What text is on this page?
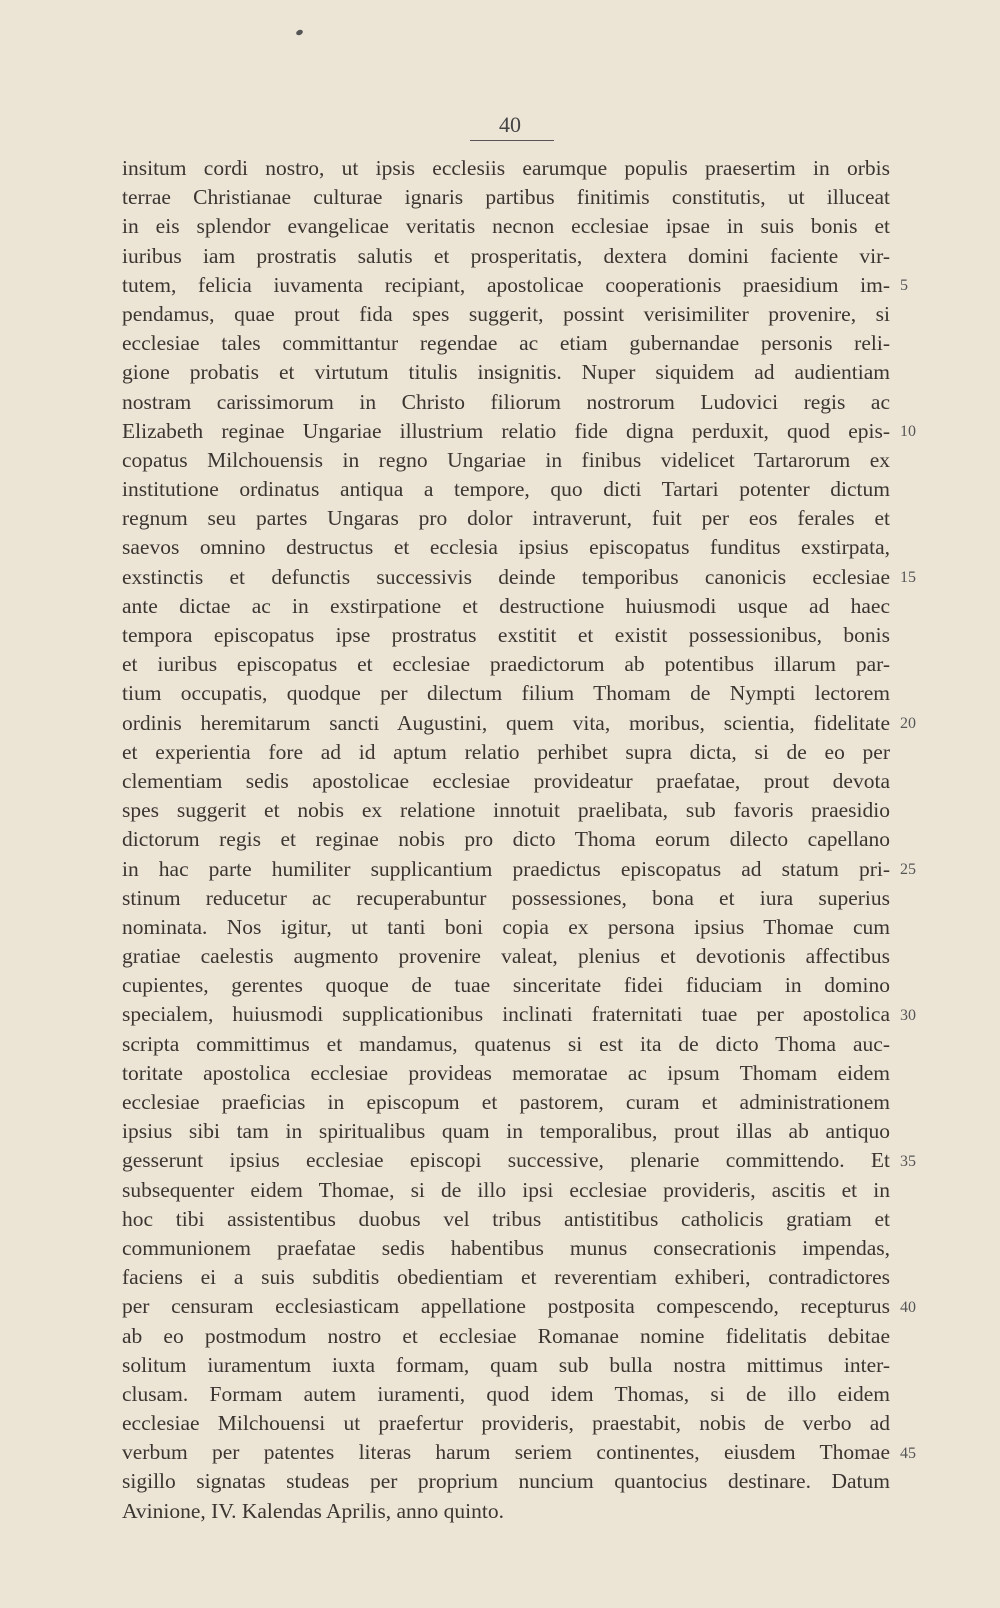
40
insitum cordi nostro, ut ipsis ecclesiis earumque populis praesertim in orbis
terrae Christianae culturae ignaris partibus finitimis constitutis, ut illuceat
in eis splendor evangelicae veritatis necnon ecclesiae ipsae in suis bonis et
iuribus iam prostratis salutis et prosperitatis, dextera domini faciente vir-
tutem, felicia iuvamenta recipiant, apostolicae cooperationis praesidium im-
pendamus, quae prout fida spes suggerit, possint verisimiliter provenire, si
ecclesiae tales committantur regendae ac etiam gubernandae personis reli-
gione probatis et virtutum titulis insignitis. Nuper siquidem ad audientiam
nostram carissimorum in Christo filiorum nostrorum Ludovici regis ac
Elizabeth reginae Ungariae illustrium relatio fide digna perduxit, quod epis-
copatus Milchouensis in regno Ungariae in finibus videlicet Tartarorum ex
institutione ordinatus antiqua a tempore, quo dicti Tartari potenter dictum
regnum seu partes Ungaras pro dolor intraverunt, fuit per eos ferales et
saevos omnino destructus et ecclesia ipsius episcopatus funditus exstirpata,
exstinctis et defunctis successivis deinde temporibus canonicis ecclesiae
ante dictae ac in exstirpatione et destructione huiusmodi usque ad haec
tempora episcopatus ipse prostratus exstitit et existit possessionibus, bonis
et iuribus episcopatus et ecclesiae praedictorum ab potentibus illarum par-
tium occupatis, quodque per dilectum filium Thomam de Nympti lectorem
ordinis heremitarum sancti Augustini, quem vita, moribus, scientia, fidelitate
et experientia fore ad id aptum relatio perhibet supra dicta, si de eo per
clementiam sedis apostolicae ecclesiae provideatur praefatae, prout devota
spes suggerit et nobis ex relatione innotuit praelibata, sub favoris praesidio
dictorum regis et reginae nobis pro dicto Thoma eorum dilecto capellano
in hac parte humiliter supplicantium praedictus episcopatus ad statum pri-
stinum reducetur ac recuperabuntur possessiones, bona et iura superius
nominata. Nos igitur, ut tanti boni copia ex persona ipsius Thomae cum
gratiae caelestis augmento provenire valeat, plenius et devotionis affectibus
cupientes, gerentes quoque de tuae sinceritate fidei fiduciam in domino
specialem, huiusmodi supplicationibus inclinati fraternitati tuae per apostolica
scripta committimus et mandamus, quatenus si est ita de dicto Thoma auc-
toritate apostolica ecclesiae provideas memoratae ac ipsum Thomam eidem
ecclesiae praeficias in episcopum et pastorem, curam et administrationem
ipsius sibi tam in spiritualibus quam in temporalibus, prout illas ab antiquo
gesserunt ipsius ecclesiae episcopi successive, plenarie committendo. Et
subsequenter eidem Thomae, si de illo ipsi ecclesiae provideris, ascitis et in
hoc tibi assistentibus duobus vel tribus antistitibus catholicis gratiam et
communionem praefatae sedis habentibus munus consecrationis impendas,
faciens ei a suis subditis obedientiam et reverentiam exhiberi, contradictores
per censuram ecclesiasticam appellatione postposita compescendo, recepturus
ab eo postmodum nostro et ecclesiae Romanae nomine fidelitatis debitae
solitum iuramentum iuxta formam, quam sub bulla nostra mittimus inter-
clusam. Formam autem iuramenti, quod idem Thomas, si de illo eidem
ecclesiae Milchouensi ut praefertur provideris, praestabit, nobis de verbo ad
verbum per patentes literas harum seriem continentes, eiusdem Thomae
sigillo signatas studeas per proprium nuncium quantocius destinare. Datum
Avinione, IV. Kalendas Aprilis, anno quinto.
5
10
15
20
25
30
35
40
45
